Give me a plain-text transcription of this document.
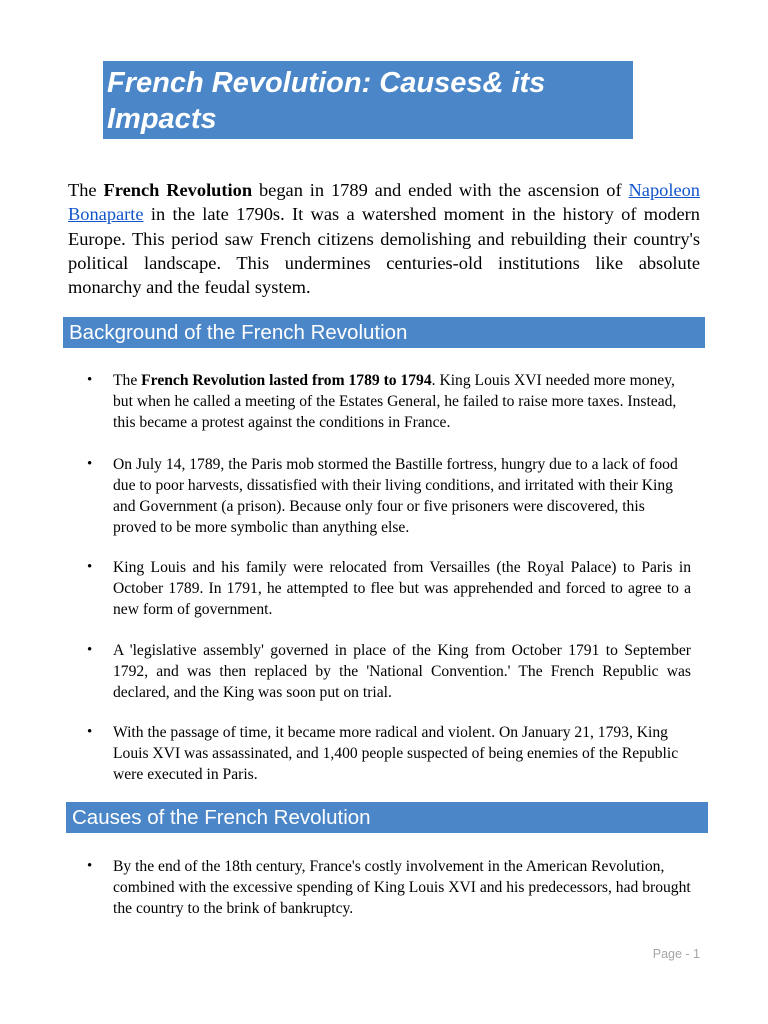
French Revolution: Causes& its Impacts

The French Revolution began in 1789 and ended with the ascension of Napoleon Bonaparte in the late 1790s. It was a watershed moment in the history of modern Europe. This period saw French citizens demolishing and rebuilding their country's political landscape. This undermines centuries-old institutions like absolute monarchy and the feudal system.

Background of the French Revolution
• The French Revolution lasted from 1789 to 1794. King Louis XVI needed more money, but when he called a meeting of the Estates General, he failed to raise more taxes. Instead, this became a protest against the conditions in France.
• On July 14, 1789, the Paris mob stormed the Bastille fortress, hungry due to a lack of food due to poor harvests, dissatisfied with their living conditions, and irritated with their King and Government (a prison). Because only four or five prisoners were discovered, this proved to be more symbolic than anything else.
• King Louis and his family were relocated from Versailles (the Royal Palace) to Paris in October 1789. In 1791, he attempted to flee but was apprehended and forced to agree to a new form of government.
• A 'legislative assembly' governed in place of the King from October 1791 to September 1792, and was then replaced by the 'National Convention.' The French Republic was declared, and the King was soon put on trial.
• With the passage of time, it became more radical and violent. On January 21, 1793, King Louis XVI was assassinated, and 1,400 people suspected of being enemies of the Republic were executed in Paris.
Causes of the French Revolution
• By the end of the 18th century, France's costly involvement in the American Revolution, combined with the excessive spending of King Louis XVI and his predecessors, had brought the country to the brink of bankruptcy.
Page - 1
